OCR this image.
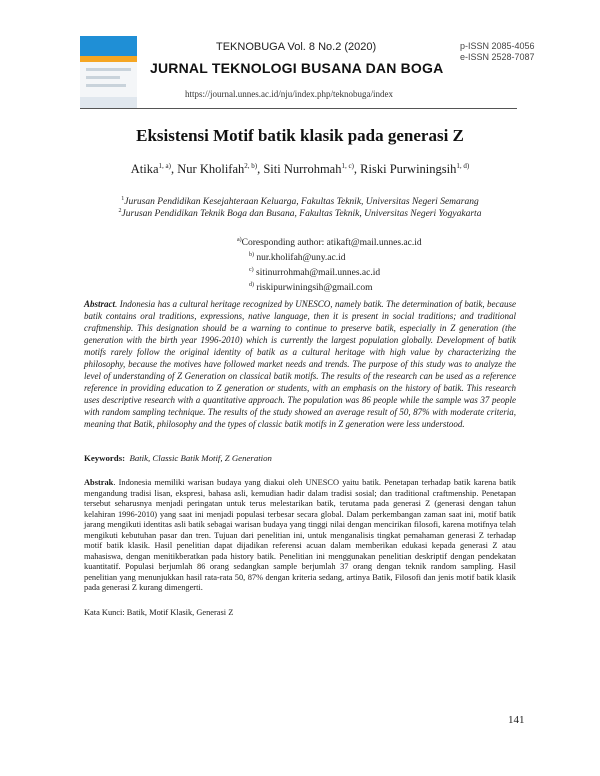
TEKNOBUGA Vol. 8 No.2 (2020)	p-ISSN 2085-4056
e-ISSN 2528-7087
JURNAL TEKNOLOGI BUSANA DAN BOGA
https://journal.unnes.ac.id/nju/index.php/teknobuga/index
Eksistensi Motif batik klasik pada generasi Z
Atika$^{1, a)}$, Nur Kholifah$^{2, b)}$, Siti Nurrohmah$^{1, c)}$, Riski Purwiningsih$^{1, d)}$
$^1$Jurusan Pendidikan Kesejahteraan Keluarga, Fakultas Teknik, Universitas Negeri Semarang
$^2$Jurusan Pendidikan Teknik Boga dan Busana, Fakultas Teknik, Universitas Negeri Yogyakarta
$^{a)}$Coresponding author: atikaft@mail.unnes.ac.id
$^{b)}$ nur.kholifah@uny.ac.id
$^{c)}$ sitinurrohmah@mail.unnes.ac.id
$^{d)}$ riskipurwiningsih@gmail.com
Abstract. Indonesia has a cultural heritage recognized by UNESCO, namely batik. The determination of batik, because batik contains oral traditions, expressions, native language, then it is present in social traditions; and traditional craftmenship. This designation should be a warning to continue to preserve batik, especially in Z generation (the generation with the birth year 1996-2010) which is currently the largest population globally. Development of batik motifs rarely follow the original identity of batik as a cultural heritage with high value by characterizing the philosophy, because the motives have followed market needs and trends. The purpose of this study was to analyze the level of understanding of Z Generation on classical batik motifs. The results of the research can be used as a reference reference in providing education to Z generation or students, with an emphasis on the history of batik. This research uses descriptive research with a quantitative approach. The population was 86 people while the sample was 37 people with random sampling technique. The results of the study showed an average result of 50, 87% with moderate criteria, meaning that Batik, philosophy and the types of classic batik motifs in Z generation were less understood.
Keywords: Batik, Classic Batik Motif, Z Generation
Abstrak. Indonesia memiliki warisan budaya yang diakui oleh UNESCO yaitu batik. Penetapan terhadap batik karena batik mengandung tradisi lisan, ekspresi, bahasa asli, kemudian hadir dalam tradisi sosial; dan traditional craftmenship. Penetapan tersebut seharusnya menjadi peringatan untuk terus melestarikan batik, terutama pada generasi Z (generasi dengan tahun kelahiran 1996-2010) yang saat ini menjadi populasi terbesar secara global. Dalam perkembangan zaman saat ini, motif batik jarang mengikuti identitas asli batik sebagai warisan budaya yang tinggi nilai dengan mencirikan filosofi, karena motifnya telah mengikuti kebutuhan pasar dan tren. Tujuan dari penelitian ini, untuk menganalisis tingkat pemahaman generasi Z terhadap motif batik klasik. Hasil penelitian dapat dijadikan referensi acuan dalam memberikan edukasi kepada generasi Z atau mahasiswa, dengan menitikberatkan pada history batik. Penelitian ini menggunakan penelitian deskriptif dengan pendekatan kuantitatif. Populasi berjumlah 86 orang sedangkan sample berjumlah 37 orang dengan teknik random sampling. Hasil penelitian yang menunjukkan hasil rata-rata 50, 87% dengan kriteria sedang, artinya Batik, Filosofi dan jenis motif batik klasik pada generasi Z kurang dimengerti.
Kata Kunci: Batik, Motif Klasik, Generasi Z
141
